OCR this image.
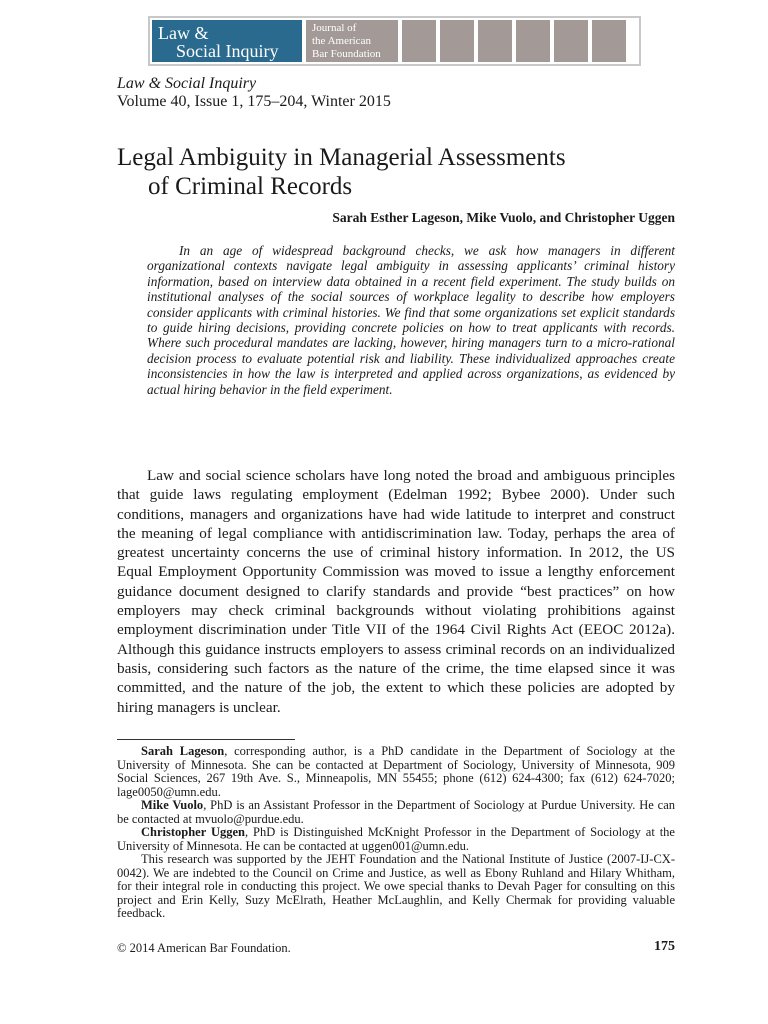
Law &
Social Inquiry
Journal of
the American
Bar Foundation
Law & Social Inquiry
Volume 40, Issue 1, 175–204, Winter 2015
Legal Ambiguity in Managerial Assessments
of Criminal Records
Sarah Esther Lageson, Mike Vuolo, and Christopher Uggen

In an age of widespread background checks, we ask how managers in different organizational contexts navigate legal ambiguity in assessing applicants’ criminal history information, based on interview data obtained in a recent field experiment. The study builds on institutional analyses of the social sources of workplace legality to describe how employers consider applicants with criminal histories. We find that some organizations set explicit standards to guide hiring decisions, providing concrete policies on how to treat applicants with records. Where such procedural mandates are lacking, however, hiring managers turn to a micro-rational decision process to evaluate potential risk and liability. These individualized approaches create inconsistencies in how the law is interpreted and applied across organizations, as evidenced by actual hiring behavior in the field experiment.

Law and social science scholars have long noted the broad and ambiguous principles that guide laws regulating employment (Edelman 1992; Bybee 2000). Under such conditions, managers and organizations have had wide latitude to interpret and construct the meaning of legal compliance with antidiscrimination law. Today, perhaps the area of greatest uncertainty concerns the use of criminal history information. In 2012, the US Equal Employment Opportunity Commission was moved to issue a lengthy enforcement guidance document designed to clarify standards and provide “best practices” on how employers may check criminal backgrounds without violating prohibitions against employment discrimination under Title VII of the 1964 Civil Rights Act (EEOC 2012a). Although this guidance instructs employers to assess criminal records on an individualized basis, considering such factors as the nature of the crime, the time elapsed since it was committed, and the nature of the job, the extent to which these policies are adopted by hiring managers is unclear.

Sarah Lageson, corresponding author, is a PhD candidate in the Department of Sociology at the University of Minnesota. She can be contacted at Department of Sociology, University of Minnesota, 909 Social Sciences, 267 19th Ave. S., Minneapolis, MN 55455; phone (612) 624-4300; fax (612) 624-7020; lage0050@umn.edu.

Mike Vuolo, PhD is an Assistant Professor in the Department of Sociology at Purdue University. He can be contacted at mvuolo@purdue.edu.

Christopher Uggen, PhD is Distinguished McKnight Professor in the Department of Sociology at the University of Minnesota. He can be contacted at uggen001@umn.edu.

This research was supported by the JEHT Foundation and the National Institute of Justice (2007-IJ-CX-0042). We are indebted to the Council on Crime and Justice, as well as Ebony Ruhland and Hilary Whitham, for their integral role in conducting this project. We owe special thanks to Devah Pager for consulting on this project and Erin Kelly, Suzy McElrath, Heather McLaughlin, and Kelly Chermak for providing valuable feedback.

© 2014 American Bar Foundation.	175
